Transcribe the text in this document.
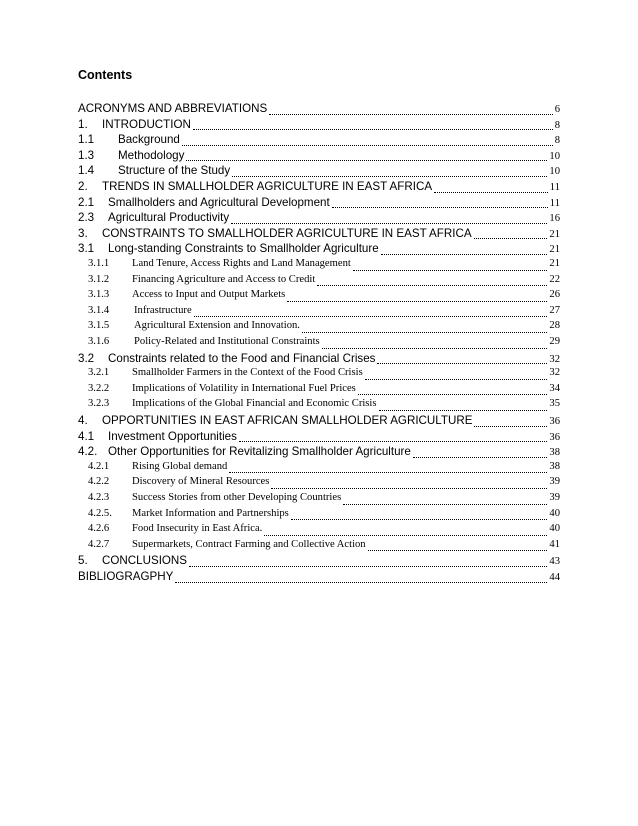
Contents
ACRONYMS AND ABBREVIATIONS	6
1.	INTRODUCTION	8
1.1	Background	8
1.3	Methodology	10
1.4	Structure of the Study	10
2.	TRENDS IN SMALLHOLDER AGRICULTURE IN EAST AFRICA	11
2.1	Smallholders and Agricultural Development	11
2.3	Agricultural Productivity	16
3.	CONSTRAINTS TO SMALLHOLDER AGRICULTURE IN EAST AFRICA	21
3.1	Long-standing Constraints to Smallholder Agriculture	21
3.1.1	Land Tenure, Access Rights and Land Management	21
3.1.2	Financing Agriculture and Access to Credit	22
3.1.3	Access to Input and Output Markets	26
3.1.4	Infrastructure	27
3.1.5	Agricultural Extension and Innovation.	28
3.1.6	Policy-Related and Institutional Constraints	29
3.2	Constraints related to the Food and Financial Crises	32
3.2.1	Smallholder Farmers in the Context of the Food Crisis	32
3.2.2	Implications of Volatility in International Fuel Prices	34
3.2.3	Implications of the Global Financial and Economic Crisis	35
4.	OPPORTUNITIES IN EAST AFRICAN SMALLHOLDER AGRICULTURE	36
4.1	Investment Opportunities	36
4.2. Other Opportunities for Revitalizing Smallholder Agriculture	38
4.2.1	Rising Global demand	38
4.2.2	Discovery of Mineral Resources	39
4.2.3	Success Stories from other Developing Countries	39
4.2.5.	Market Information and Partnerships	40
4.2.6	Food Insecurity in East Africa.	40
4.2.7	Supermarkets, Contract Farming and Collective Action	41
5.	CONCLUSIONS	43
BIBLIOGRAGPHY	44
